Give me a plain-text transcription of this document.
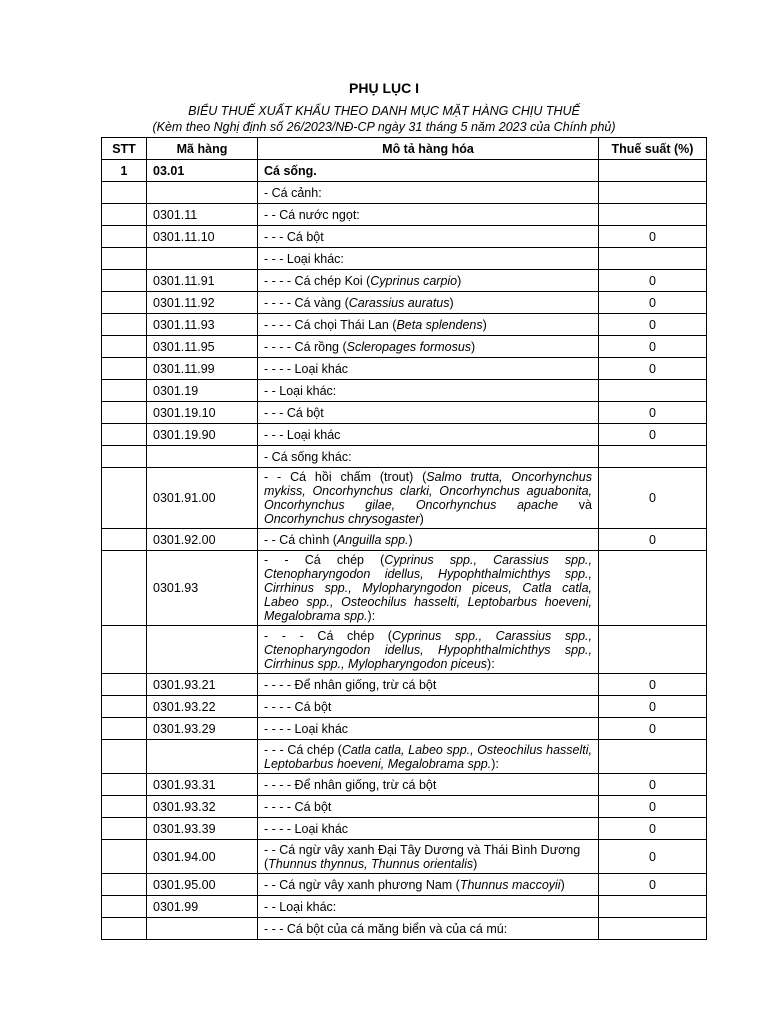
PHỤ LỤC I
BIỂU THUẾ XUẤT KHẨU THEO DANH MỤC MẶT HÀNG CHỊU THUẾ
(Kèm theo Nghị định số 26/2023/NĐ-CP ngày 31 tháng 5 năm 2023 của Chính phủ)
STT	Mã hàng	Mô tả hàng hóa	Thuế suất (%)
1	03.01	Cá sống.	
		- Cá cảnh:	
	0301.11	- - Cá nước ngọt:	
	0301.11.10	- - - Cá bột	0
		- - - Loại khác:	
	0301.11.91	- - - - Cá chép Koi (Cyprinus carpio)	0
	0301.11.92	- - - - Cá vàng (Carassius auratus)	0
	0301.11.93	- - - - Cá chọi Thái Lan (Beta splendens)	0
	0301.11.95	- - - - Cá rồng (Scleropages formosus)	0
	0301.11.99	- - - - Loại khác	0
	0301.19	- - Loại khác:	
	0301.19.10	- - - Cá bột	0
	0301.19.90	- - - Loại khác	0
		- Cá sống khác:	
	0301.91.00	- - Cá hồi chấm (trout) (Salmo trutta, Oncorhynchus mykiss, Oncorhynchus clarki, Oncorhynchus aguabonita, Oncorhynchus gilae, Oncorhynchus apache và Oncorhynchus chrysogaster)	0
	0301.92.00	- - Cá chình (Anguilla spp.)	0
	0301.93	- - Cá chép (Cyprinus spp., Carassius spp., Ctenopharyngodon idellus, Hypophthalmichthys spp., Cirrhinus spp., Mylopharyngodon piceus, Catla catla, Labeo spp., Osteochilus hasselti, Leptobarbus hoeveni, Megalobrama spp.):	
		- - - Cá chép (Cyprinus spp., Carassius spp., Ctenopharyngodon idellus, Hypophthalmichthys spp., Cirrhinus spp., Mylopharyngodon piceus):	
	0301.93.21	- - - - Để nhân giống, trừ cá bột	0
	0301.93.22	- - - - Cá bột	0
	0301.93.29	- - - - Loại khác	0
		- - - Cá chép (Catla catla, Labeo spp., Osteochilus hasselti, Leptobarbus hoeveni, Megalobrama spp.):	
	0301.93.31	- - - - Để nhân giống, trừ cá bột	0
	0301.93.32	- - - - Cá bột	0
	0301.93.39	- - - - Loại khác	0
	0301.94.00	- - Cá ngừ vây xanh Đại Tây Dương và Thái Bình Dương (Thunnus thynnus, Thunnus orientalis)	0
	0301.95.00	- - Cá ngừ vây xanh phương Nam (Thunnus maccoyii)	0
	0301.99	- - Loại khác:	
		- - - Cá bột của cá măng biển và của cá mú:	
